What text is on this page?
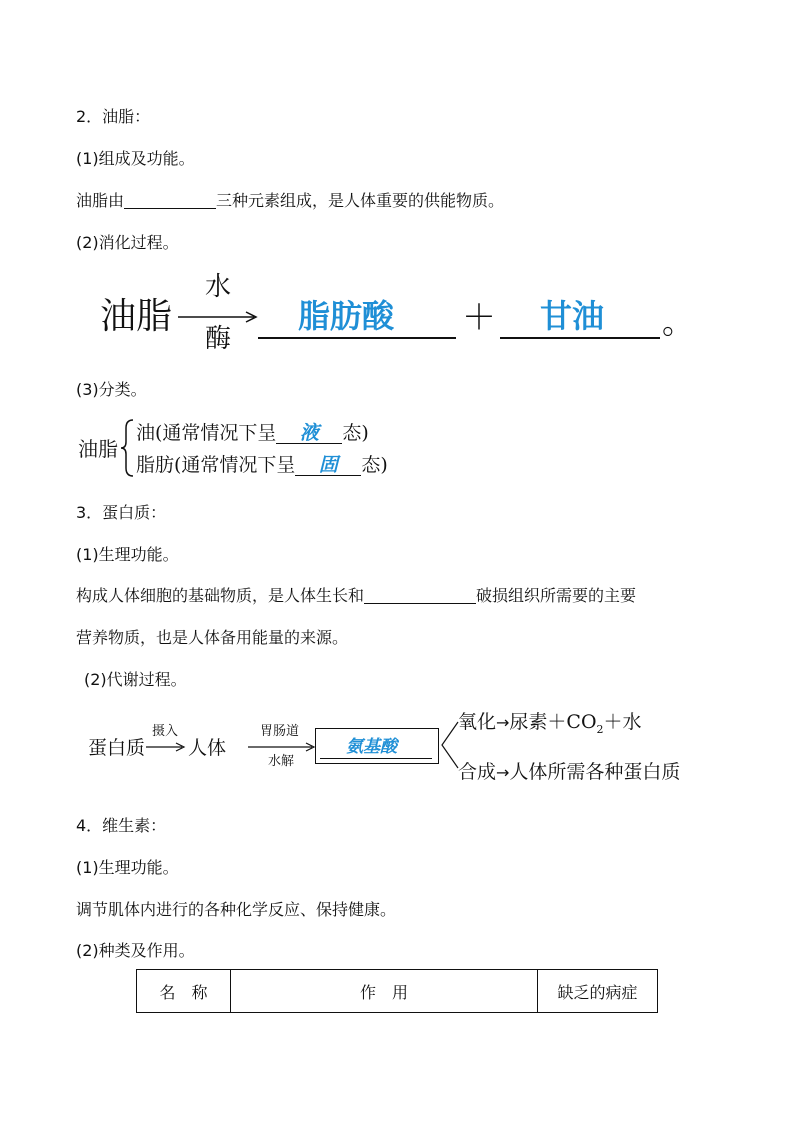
2．油脂：
(1)组成及功能。
油脂由	三种元素组成，是人体重要的供能物质。
(2)消化过程。
油脂
水
酶
脂肪酸 ＋ 甘油 。
(3)分类。
油脂
油(通常情况下呈 液 态)
脂肪(通常情况下呈 固 态)
3．蛋白质：
(1)生理功能。
构成人体细胞的基础物质，是人体生长和	破损组织所需要的主要
营养物质，也是人体备用能量的来源。
(2)代谢过程。
蛋白质
摄入
人体
胃肠道
水解
氨基酸
氧化→尿素$+CO_2+$水
合成→人体所需各种蛋白质
4．维生素：
(1)生理功能。
调节肌体内进行的各种化学反应、保持健康。
(2)种类及作用。
名　称	作　用	缺乏的病症
